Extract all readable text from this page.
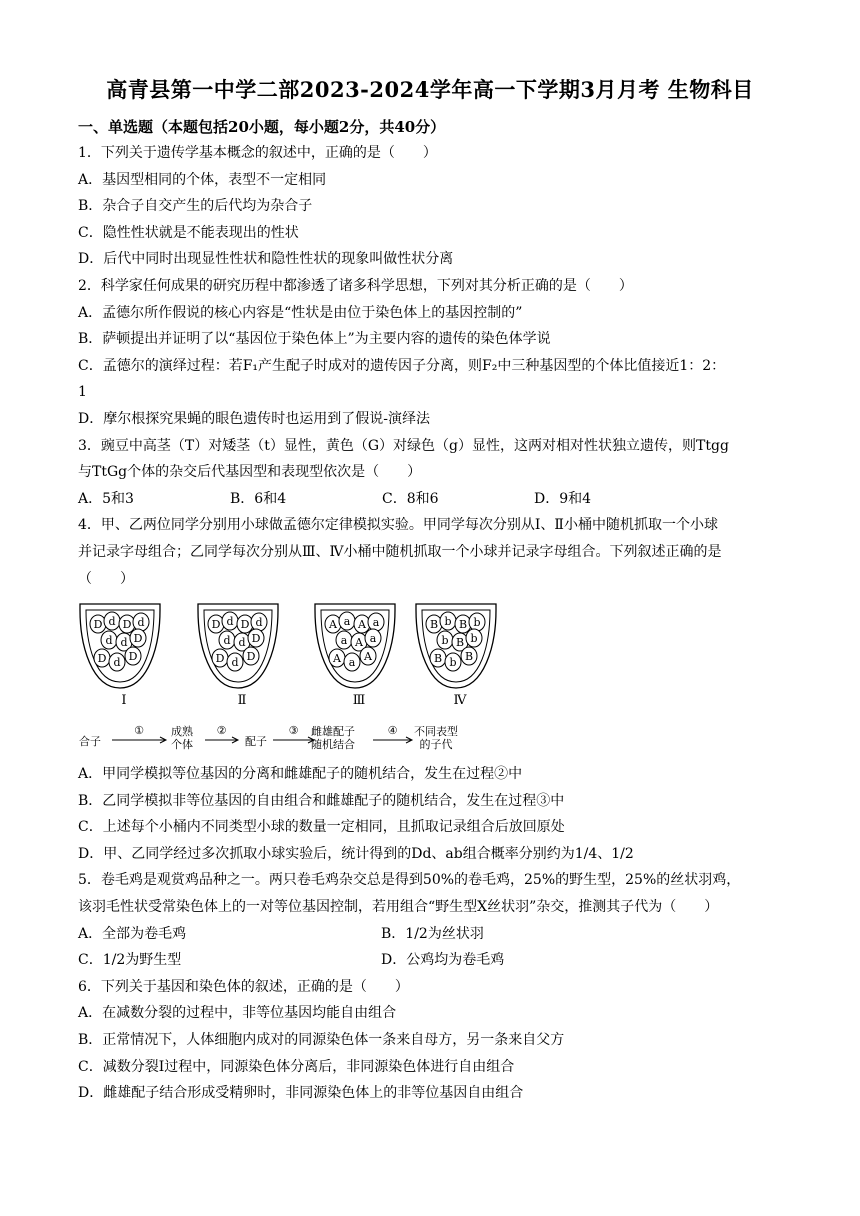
高青县第一中学二部2023-2024学年高一下学期3月月考 生物科目
一、单选题（本题包括20小题，每小题2分，共40分）
1．下列关于遗传学基本概念的叙述中，正确的是（　　）
A．基因型相同的个体，表型不一定相同
B．杂合子自交产生的后代均为杂合子
C．隐性性状就是不能表现出的性状
D．后代中同时出现显性性状和隐性性状的现象叫做性状分离
2．科学家任何成果的研究历程中都渗透了诸多科学思想，下列对其分析正确的是（　　）
A．孟德尔所作假说的核心内容是“性状是由位于染色体上的基因控制的”
B．萨顿提出并证明了以“基因位于染色体上”为主要内容的遗传的染色体学说
C．孟德尔的演绎过程：若F₁产生配子时成对的遗传因子分离，则F₂中三种基因型的个体比值接近1：2：
1
D．摩尔根探究果蝇的眼色遗传时也运用到了假说-演绎法
3．豌豆中高茎（T）对矮茎（t）显性，黄色（G）对绿色（g）显性，这两对相对性状独立遗传，则Ttgg
与TtGg个体的杂交后代基因型和表现型依次是（　　）
A．5和3	B．6和4	C．8和6	D．9和4
4．甲、乙两位同学分别用小球做孟德尔定律模拟实验。甲同学每次分别从Ⅰ、Ⅱ小桶中随机抓取一个小球
并记录字母组合；乙同学每次分别从Ⅲ、Ⅳ小桶中随机抓取一个小球并记录字母组合。下列叙述正确的是
（　　）
D d D d
d d D
D d D
D d D d
d d D
D d D
A a A a
a A a
A a A
B b B b
b B b
B b B
Ⅰ	Ⅱ	Ⅲ	Ⅳ
合子
成熟
个体	配子
雌雄配子
随机结合
不同表型
的子代
①	②	③	④
A．甲同学模拟等位基因的分离和雌雄配子的随机结合，发生在过程②中
B．乙同学模拟非等位基因的自由组合和雌雄配子的随机结合，发生在过程③中
C．上述每个小桶内不同类型小球的数量一定相同，且抓取记录组合后放回原处
D．甲、乙同学经过多次抓取小球实验后，统计得到的Dd、ab组合概率分别约为1/4、1/2
5．卷毛鸡是观赏鸡品种之一。两只卷毛鸡杂交总是得到50%的卷毛鸡，25%的野生型，25%的丝状羽鸡，
该羽毛性状受常染色体上的一对等位基因控制，若用组合“野生型X丝状羽”杂交，推测其子代为（　　）
A．全部为卷毛鸡	B．1/2为丝状羽
C．1/2为野生型	D．公鸡均为卷毛鸡
6．下列关于基因和染色体的叙述，正确的是（　　）
A．在减数分裂的过程中，非等位基因均能自由组合
B．正常情况下，人体细胞内成对的同源染色体一条来自母方，另一条来自父方
C．减数分裂Ⅰ过程中，同源染色体分离后，非同源染色体进行自由组合
D．雌雄配子结合形成受精卵时，非同源染色体上的非等位基因自由组合
